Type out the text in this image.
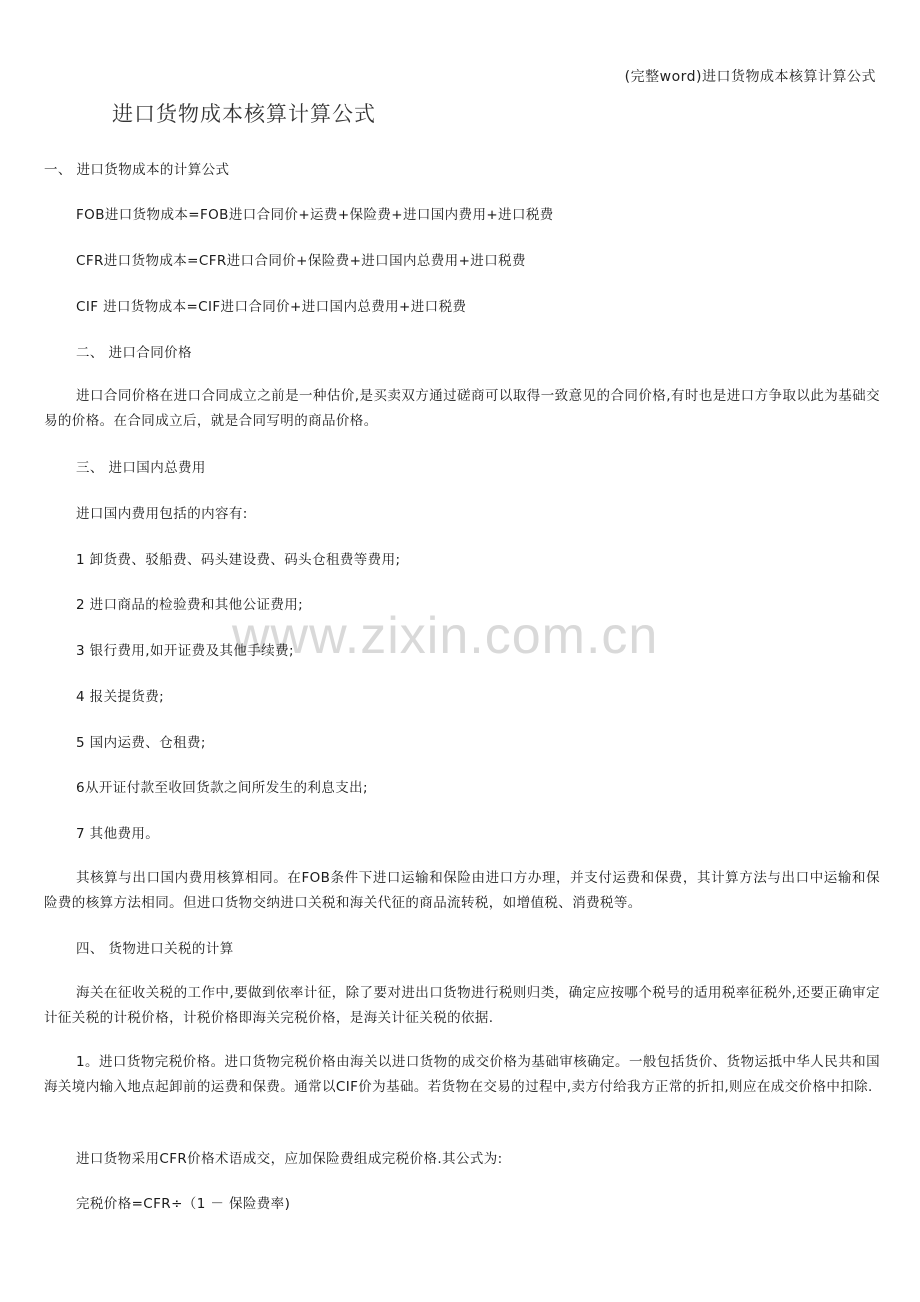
(完整word)进口货物成本核算计算公式
进口货物成本核算计算公式
www.zixin.com.cn
一、 进口货物成本的计算公式
FOB进口货物成本=FOB进口合同价+运费+保险费+进口国内费用+进口税费
CFR进口货物成本=CFR进口合同价+保险费+进口国内总费用+进口税费
CIF 进口货物成本=CIF进口合同价+进口国内总费用+进口税费
二、 进口合同价格
进口合同价格在进口合同成立之前是一种估价,是买卖双方通过磋商可以取得一致意见的合同价格,有时也是进口方争取以此为基础交易的价格。在合同成立后，就是合同写明的商品价格。
三、 进口国内总费用
进口国内费用包括的内容有:
1 卸货费、驳船费、码头建设费、码头仓租费等费用;
2 进口商品的检验费和其他公证费用;
3 银行费用,如开证费及其他手续费;
4 报关提货费;
5 国内运费、仓租费;
6从开证付款至收回货款之间所发生的利息支出;
7 其他费用。
其核算与出口国内费用核算相同。在FOB条件下进口运输和保险由进口方办理，并支付运费和保费，其计算方法与出口中运输和保险费的核算方法相同。但进口货物交纳进口关税和海关代征的商品流转税，如增值税、消费税等。
四、 货物进口关税的计算
海关在征收关税的工作中,要做到依率计征，除了要对进出口货物进行税则归类，确定应按哪个税号的适用税率征税外,还要正确审定计征关税的计税价格，计税价格即海关完税价格，是海关计征关税的依据.
1。进口货物完税价格。进口货物完税价格由海关以进口货物的成交价格为基础审核确定。一般包括货价、货物运抵中华人民共和国海关境内输入地点起卸前的运费和保费。通常以CIF价为基础。若货物在交易的过程中,卖方付给我方正常的折扣,则应在成交价格中扣除.
进口货物采用CFR价格术语成交，应加保险费组成完税价格.其公式为:
完税价格=CFR÷（1 － 保险费率)
